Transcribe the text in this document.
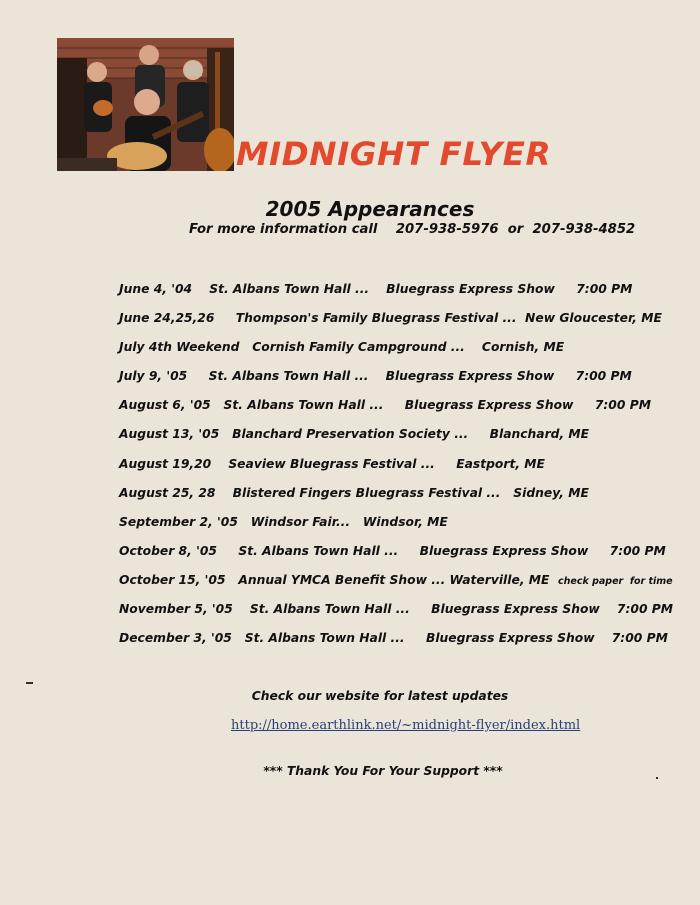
MIDNIGHT FLYER
2005 Appearances
For more information call 207-938-5976 or 207-938-4852
June 4, '04    St. Albans Town Hall ...    Bluegrass Express Show     7:00 PM
June 24,25,26     Thompson's Family Bluegrass Festival ...  New Gloucester, ME
July 4th Weekend   Cornish Family Campground ...    Cornish, ME
July 9, '05     St. Albans Town Hall ...    Bluegrass Express Show     7:00 PM
August 6, '05   St. Albans Town Hall ...     Bluegrass Express Show     7:00 PM
August 13, '05   Blanchard Preservation Society ...     Blanchard, ME
August 19,20    Seaview Bluegrass Festival ...     Eastport, ME
August 25, 28    Blistered Fingers Bluegrass Festival ...   Sidney, ME
September 2, '05   Windsor Fair...   Windsor, ME
October 8, '05     St. Albans Town Hall ...     Bluegrass Express Show     7:00 PM
October 15, '05   Annual YMCA Benefit Show ... Waterville, ME check paper  for time
November 5, '05    St. Albans Town Hall ...     Bluegrass Express Show    7:00 PM
December 3, '05   St. Albans Town Hall ...     Bluegrass Express Show    7:00 PM
Check our website for latest updates
http://home.earthlink.net/~midnight-flyer/index.html
*** Thank You For Your Support ***
